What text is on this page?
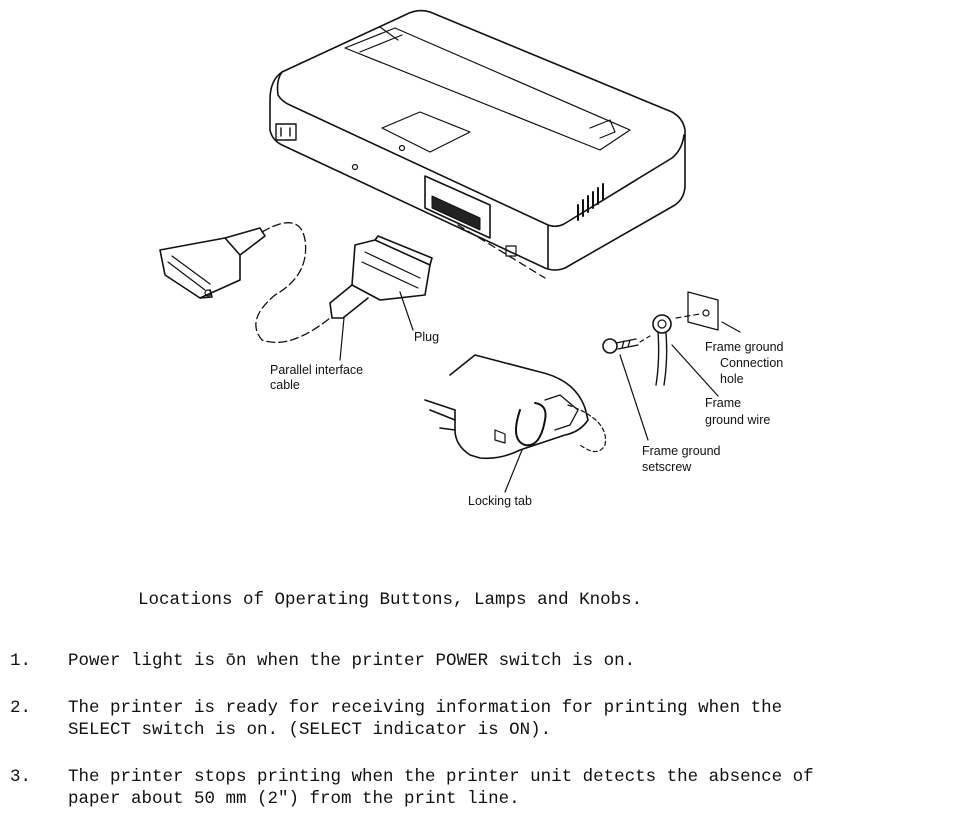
Plug
Parallel interface
cable
Frame ground
Connection
hole
Frame
ground wire
Frame ground
setscrew
Locking tab
Locations of Operating Buttons, Lamps and Knobs.
1. Power light is ōn when the printer POWER switch is on.
2. The printer is ready for receiving information for printing when the
SELECT switch is on. (SELECT indicator is ON).
3. The printer stops printing when the printer unit detects the absence of
paper about 50 mm (2") from the print line.
